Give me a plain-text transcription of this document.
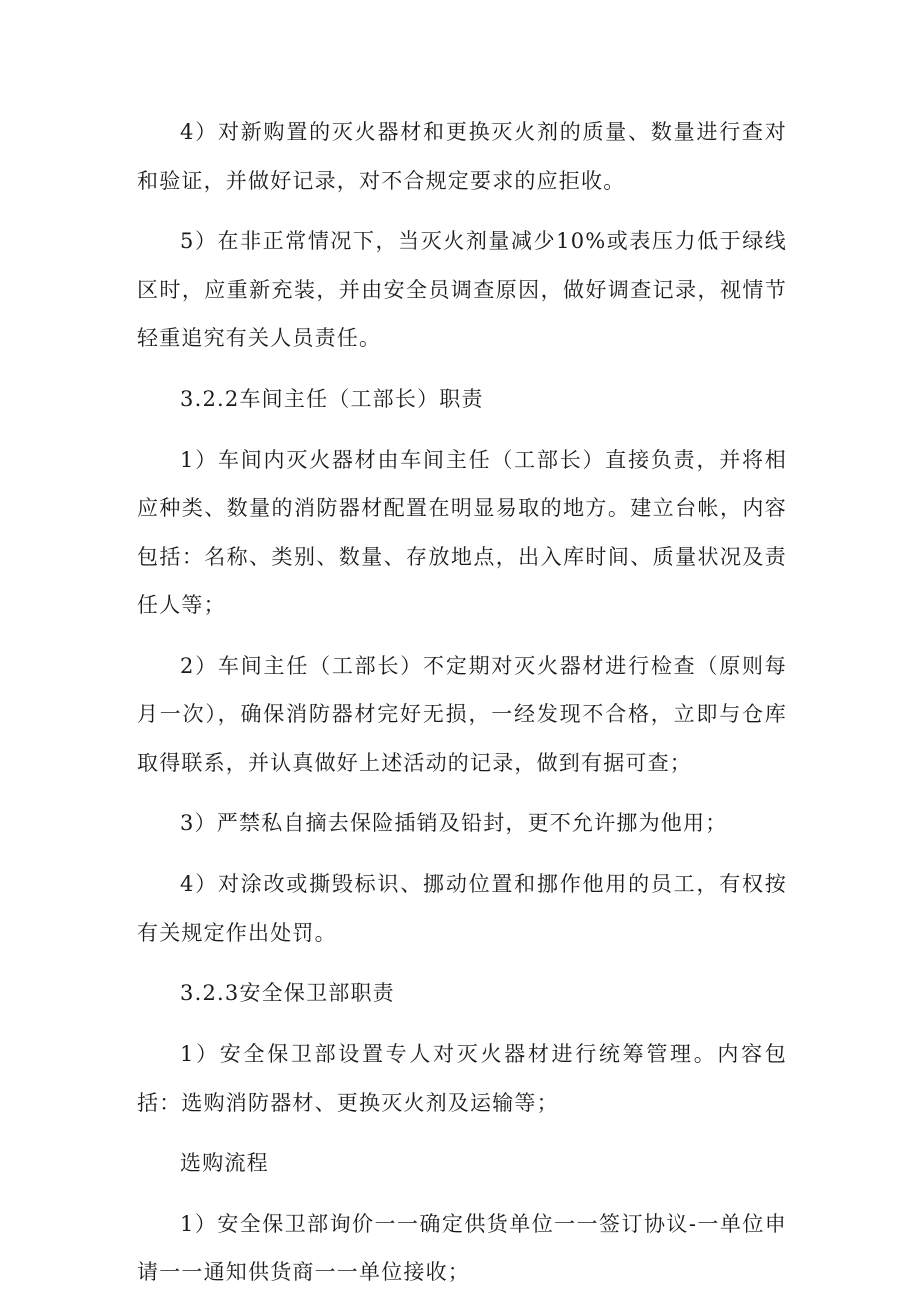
4）对新购置的灭火器材和更换灭火剂的质量、数量进行查对和验证，并做好记录，对不合规定要求的应拒收。

5）在非正常情况下，当灭火剂量减少10%或表压力低于绿线区时，应重新充装，并由安全员调查原因，做好调查记录，视情节轻重追究有关人员责任。

3.2.2车间主任（工部长）职责

1）车间内灭火器材由车间主任（工部长）直接负责，并将相应种类、数量的消防器材配置在明显易取的地方。建立台帐，内容包括：名称、类别、数量、存放地点，出入库时间、质量状况及责任人等；

2）车间主任（工部长）不定期对灭火器材进行检查（原则每月一次），确保消防器材完好无损，一经发现不合格，立即与仓库取得联系，并认真做好上述活动的记录，做到有据可查；

3）严禁私自摘去保险插销及铅封，更不允许挪为他用；

4）对涂改或撕毁标识、挪动位置和挪作他用的员工，有权按有关规定作出处罚。

3.2.3安全保卫部职责

1）安全保卫部设置专人对灭火器材进行统筹管理。内容包括：选购消防器材、更换灭火剂及运输等；

选购流程

1）安全保卫部询价一一确定供货单位一一签订协议-一单位申请一一通知供货商一一单位接收；
